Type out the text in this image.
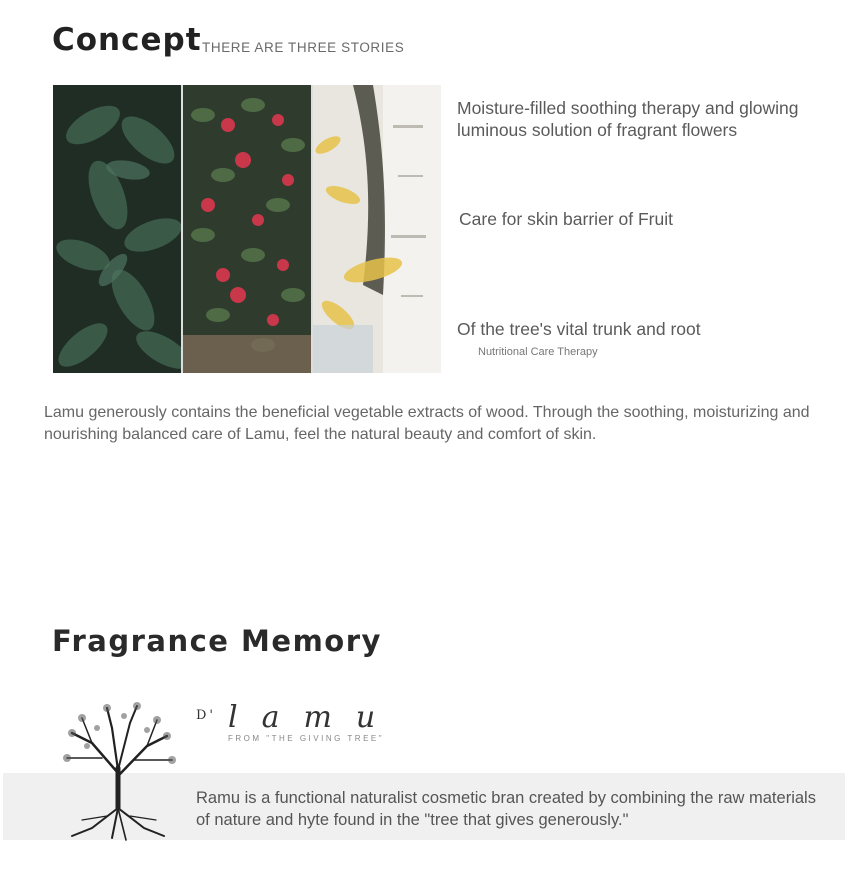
Concept THERE ARE THREE STORIES
Moisture-filled soothing therapy and glowing luminous solution of fragrant flowers
Care for skin barrier of Fruit
Of the tree's vital trunk and root
Nutritional Care Therapy
Lamu generously contains the beneficial vegetable extracts of wood. Through the soothing, moisturizing and nourishing balanced care of Lamu, feel the natural beauty and comfort of skin.
Fragrance Memory
D' lamu
FROM "THE GIVING TREE"
Ramu is a functional naturalist cosmetic bran created by combining the raw materials of nature and hyte found in the "tree that gives generously."
